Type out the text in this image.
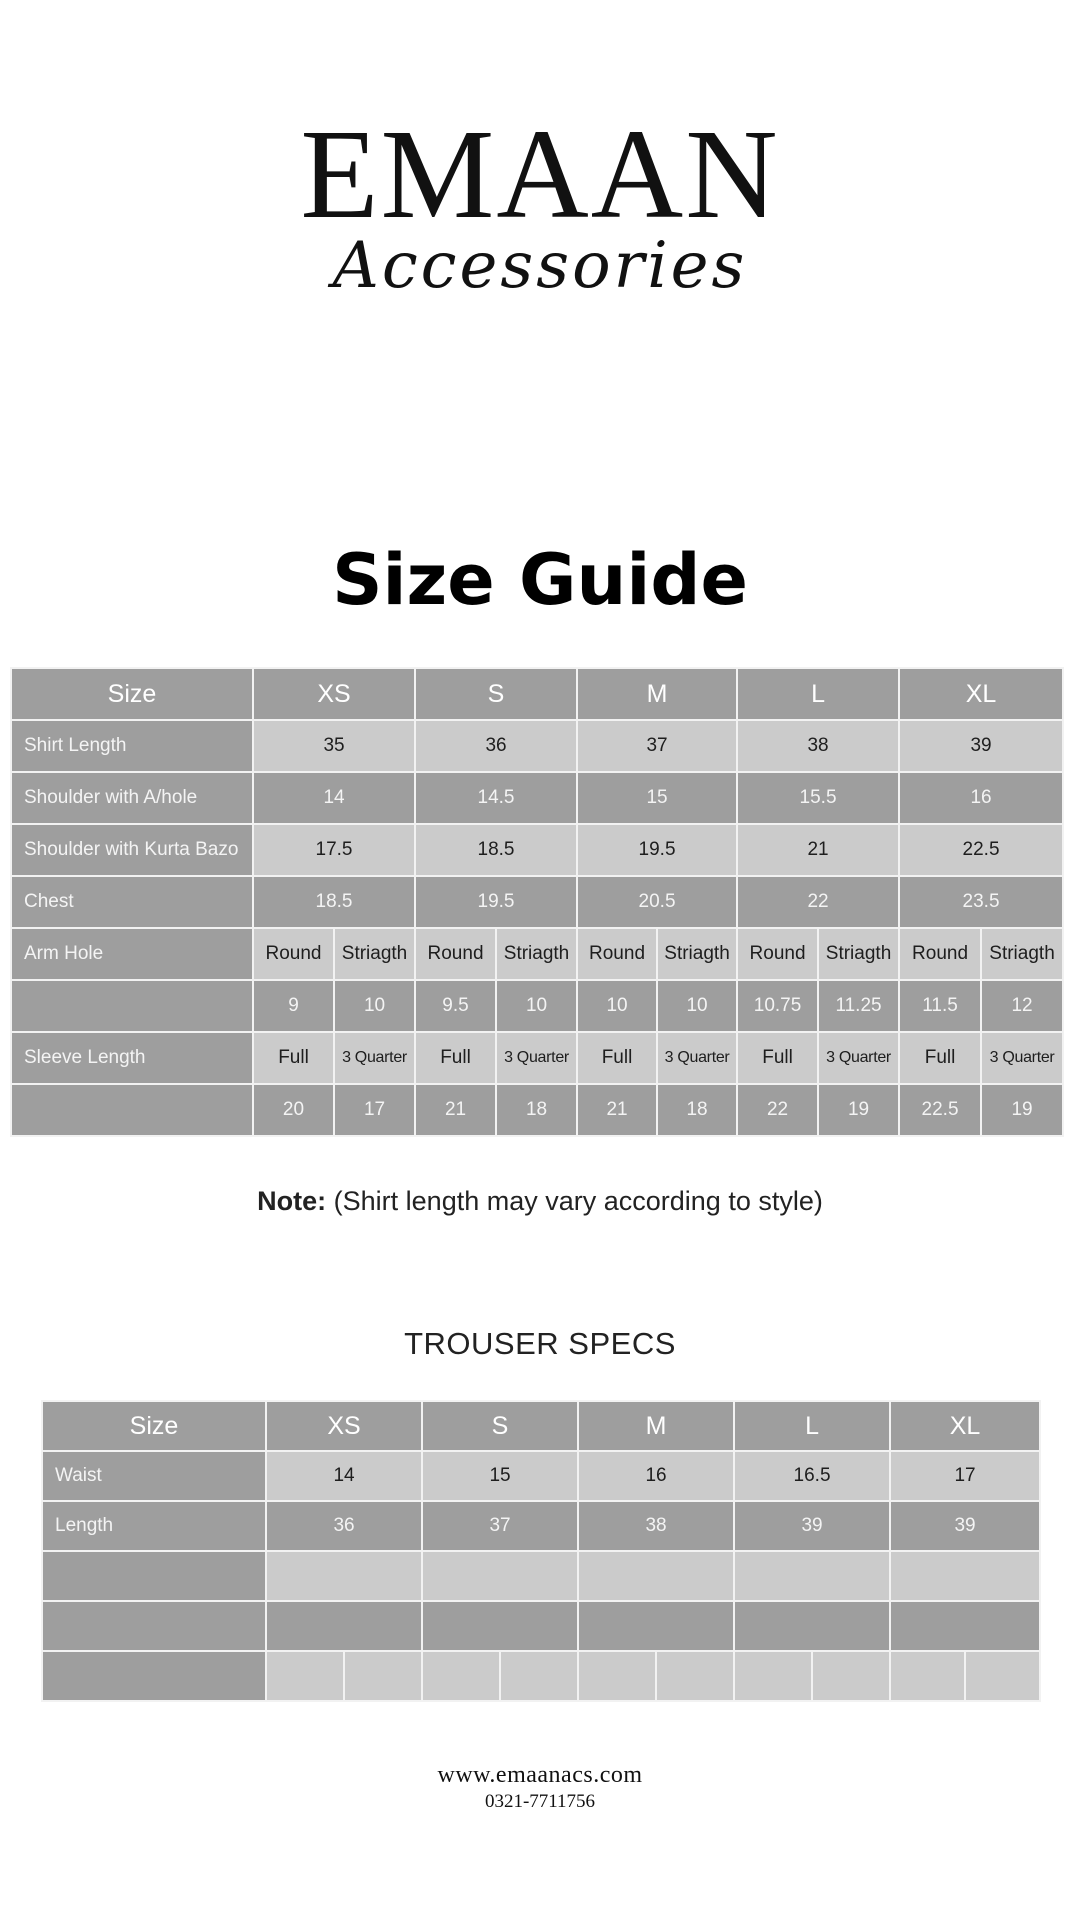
EMAAN
Accessories
Size Guide
Size	XS		S		M		L		XL	
Shirt Length	35		36		37		38		39	
Shoulder with A/hole	14		14.5		15		15.5		16	
Shoulder with Kurta Bazo	17.5		18.5		19.5		21		22.5	
Chest	18.5		19.5		20.5		22		23.5	
Arm Hole	Round	Striagth	Round	Striagth	Round	Striagth	Round	Striagth	Round	Striagth
	9	10	9.5	10	10	10	10.75	11.25	11.5	12
Sleeve Length	Full	3 Quarter	Full	3 Quarter	Full	3 Quarter	Full	3 Quarter	Full	3 Quarter
	20	17	21	18	21	18	22	19	22.5	19
Note: (Shirt length may vary according to style)
TROUSER SPECS
Size	XS		S		M		L		XL	
Waist	14		15		16		16.5		17	
Length	36		37		38		39		39	

www.emaanacs.com
0321-7711756
